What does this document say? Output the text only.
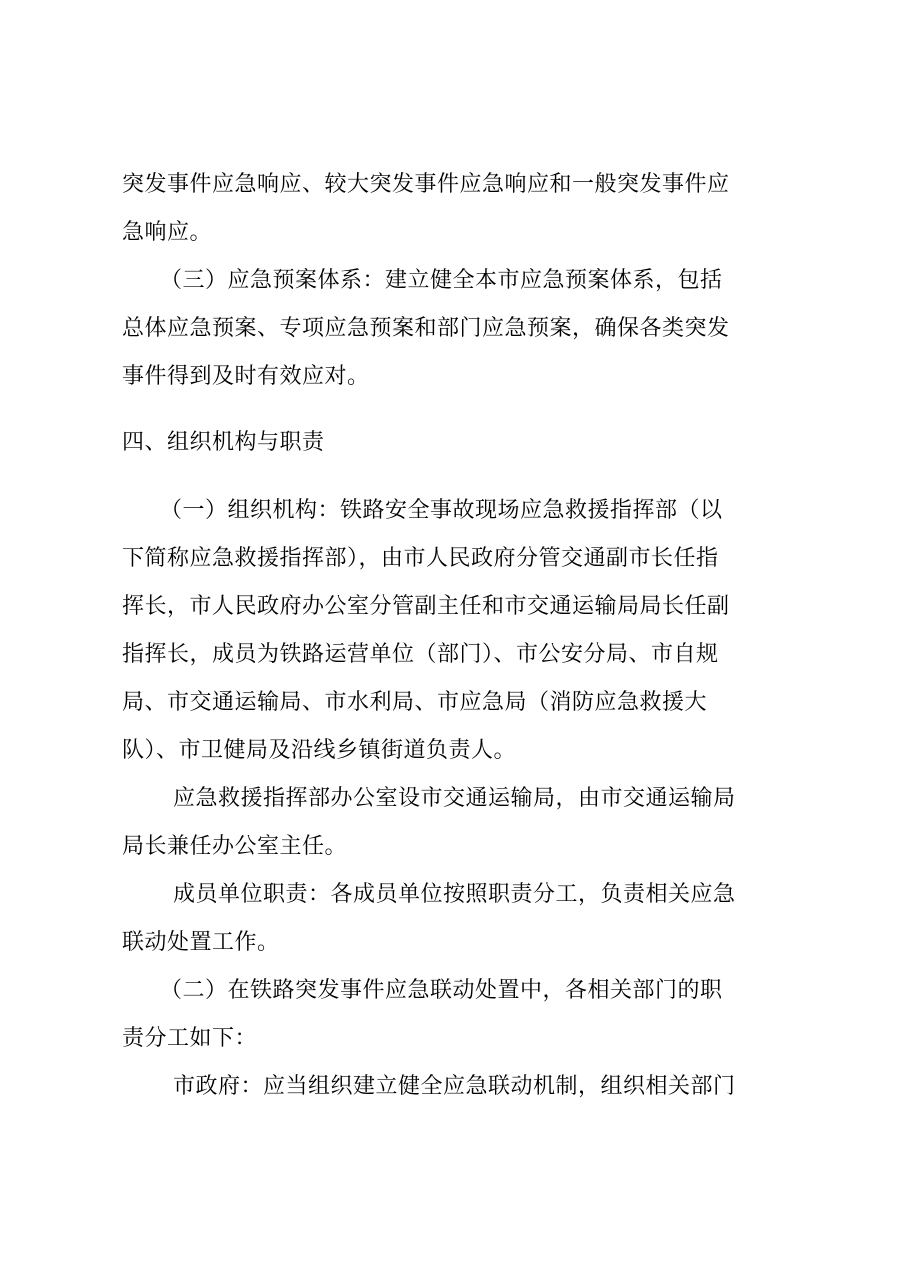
突发事件应急响应、较大突发事件应急响应和一般突发事件应
急响应。
（三）应急预案体系：建立健全本市应急预案体系，包括
总体应急预案、专项应急预案和部门应急预案，确保各类突发
事件得到及时有效应对。
四、组织机构与职责
（一）组织机构：铁路安全事故现场应急救援指挥部（以
下简称应急救援指挥部），由市人民政府分管交通副市长任指
挥长，市人民政府办公室分管副主任和市交通运输局局长任副
指挥长，成员为铁路运营单位（部门）、市公安分局、市自规
局、市交通运输局、市水利局、市应急局（消防应急救援大
队）、市卫健局及沿线乡镇街道负责人。
应急救援指挥部办公室设市交通运输局，由市交通运输局
局长兼任办公室主任。
成员单位职责：各成员单位按照职责分工，负责相关应急
联动处置工作。
（二）在铁路突发事件应急联动处置中，各相关部门的职
责分工如下：
市政府：应当组织建立健全应急联动机制，组织相关部门
